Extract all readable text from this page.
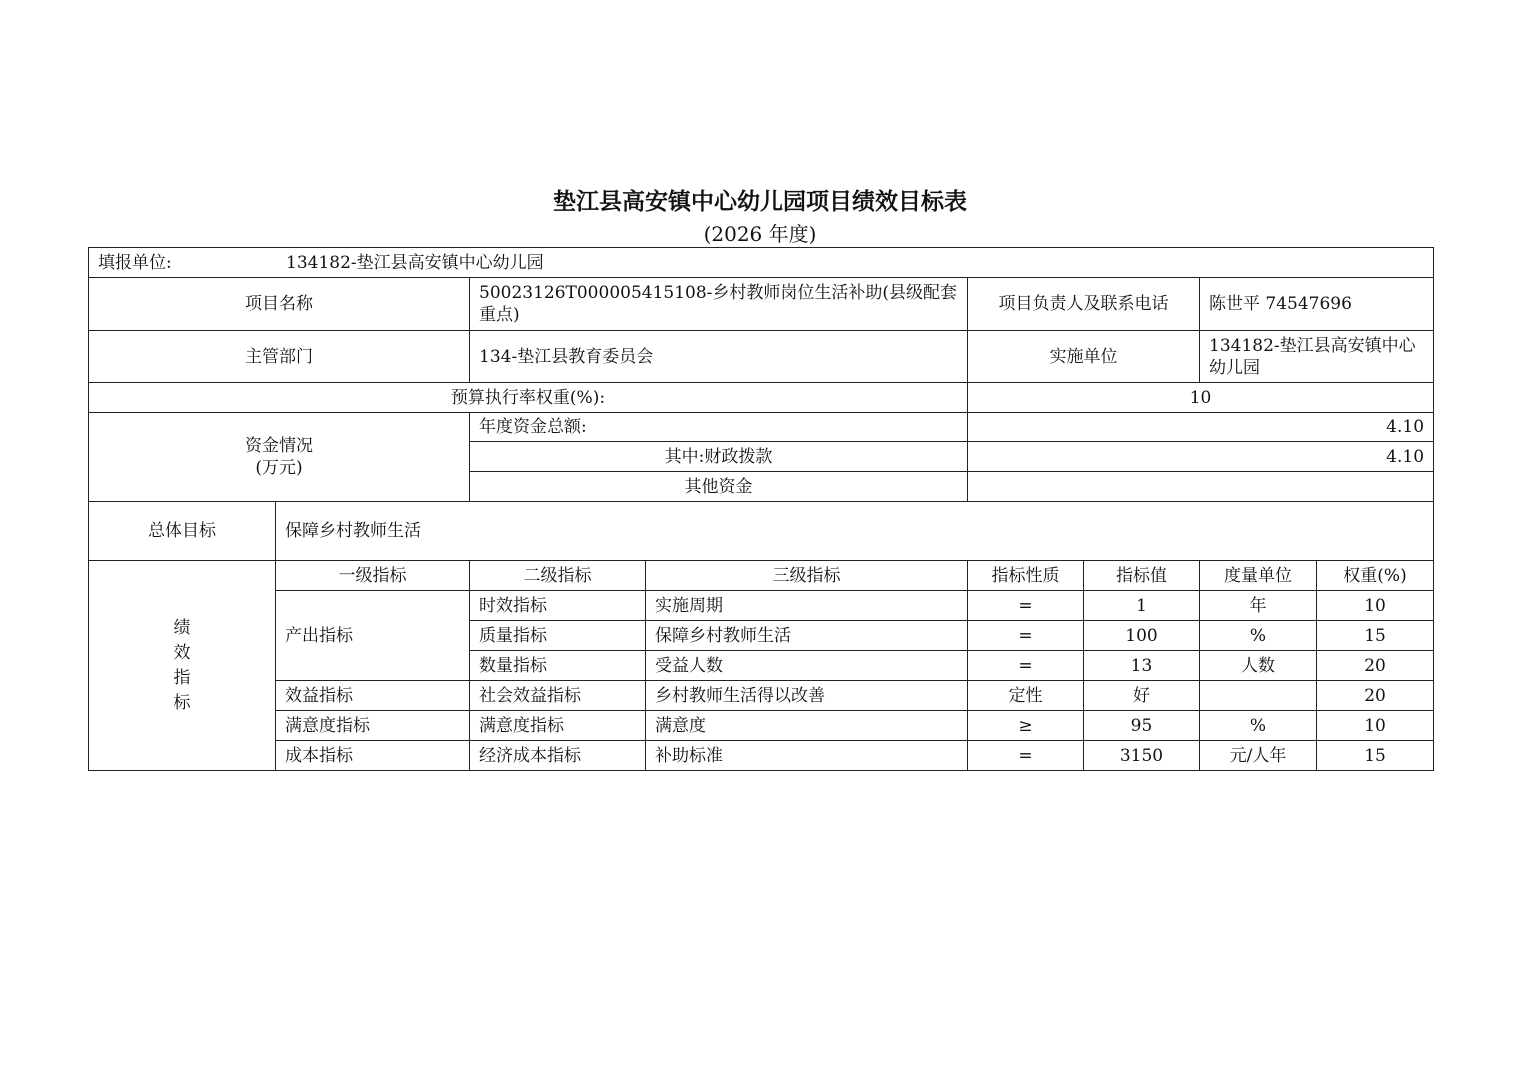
垫江县高安镇中心幼儿园项目绩效目标表
(2026 年度)
填报单位: 134182-垫江县高安镇中心幼儿园							
项目名称		50023126T000005415108-乡村教师岗位生活补助(县级配套重点)		项目负责人及联系电话		陈世平 74547696	
主管部门		134-垫江县教育委员会		实施单位		134182-垫江县高安镇中心幼儿园	
预算执行率权重(%):				10			

资金情况
(万元)		年度资金总额:		4.10			
		其中:财政拨款		4.10			
		其他资金					
总体目标	保障乡村教师生活						

绩
效
指
标	一级指标	二级指标	三级指标	指标性质	指标值	度量单位	权重(%)
	产出指标	时效指标	实施周期	=	1	年	10
		质量指标	保障乡村教师生活	=	100	%	15
		数量指标	受益人数	=	13	人数	20
	效益指标	社会效益指标	乡村教师生活得以改善	定性	好		20
	满意度指标	满意度指标	满意度	≥	95	%	10
	成本指标	经济成本指标	补助标准	=	3150	元/人年	15
